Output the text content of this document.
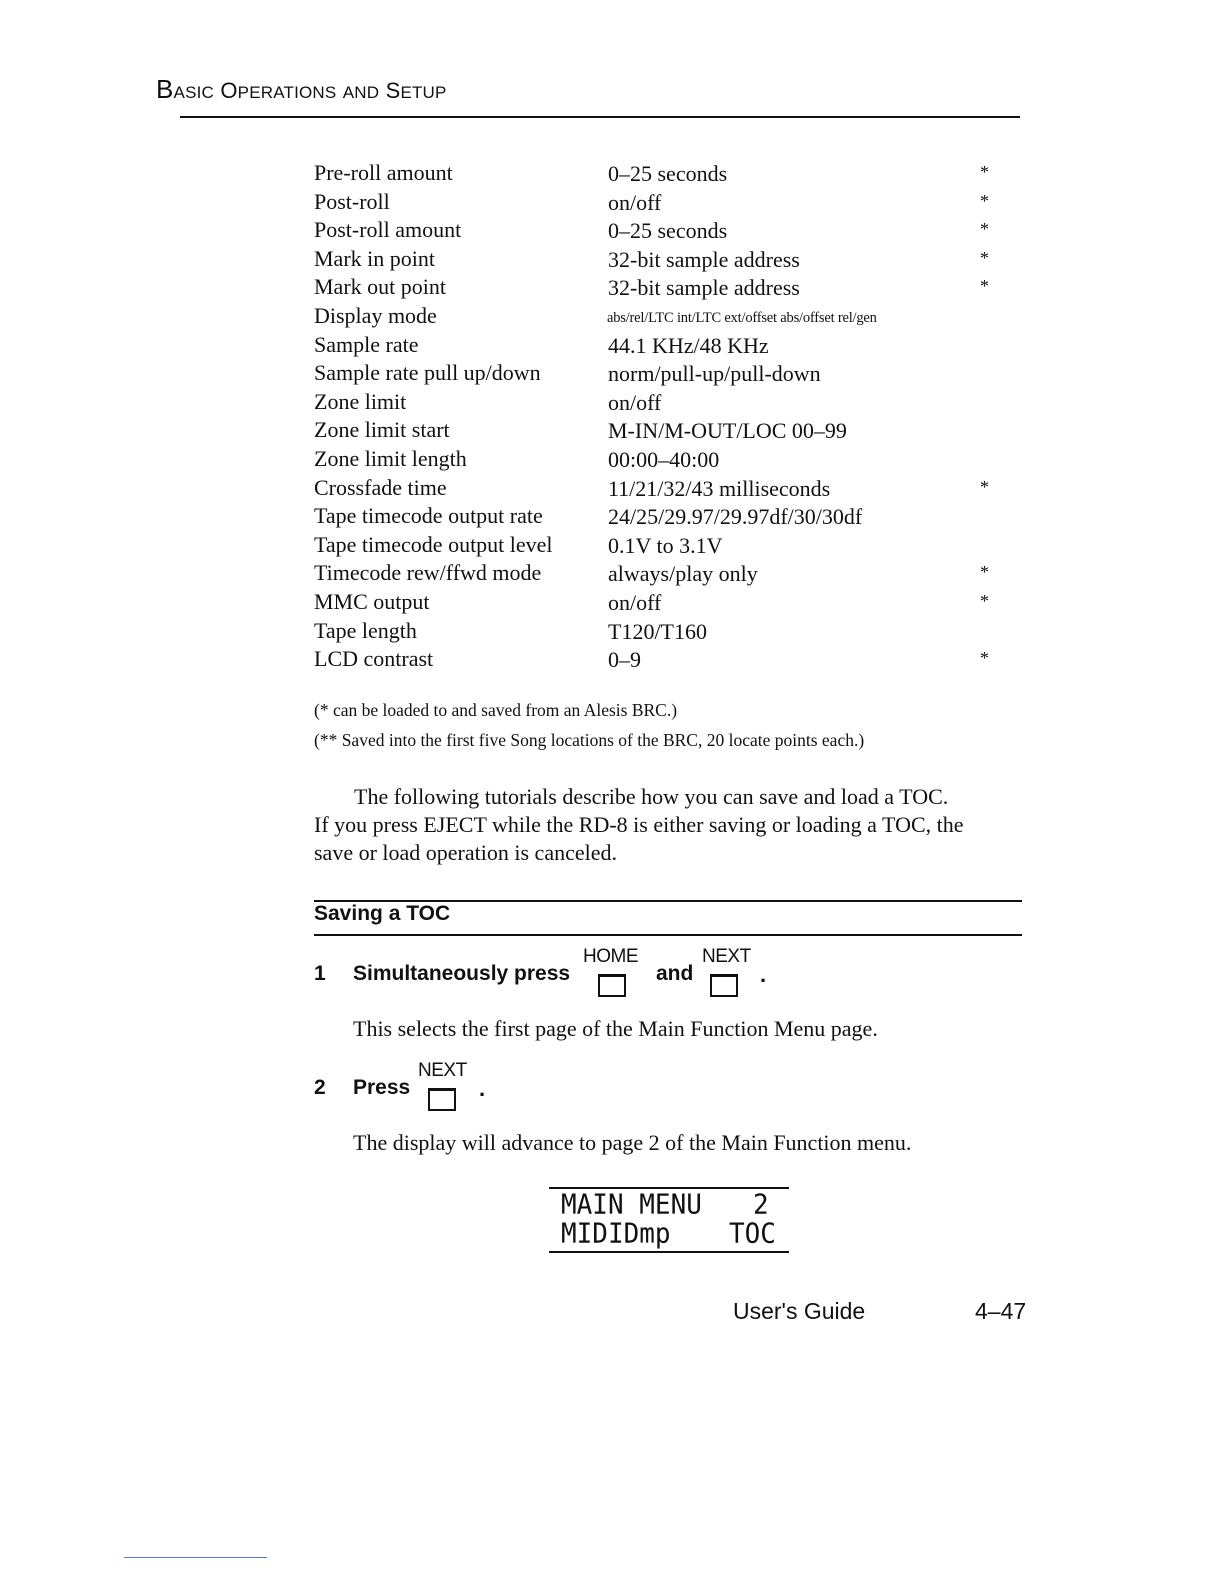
BASIC OPERATIONS AND SETUP
Pre-roll amount	0–25 seconds	*
Post-roll	on/off	*
Post-roll amount	0–25 seconds	*
Mark in point	32-bit sample address	*
Mark out point	32-bit sample address	*
Display mode	abs/rel/LTC int/LTC ext/offset abs/offset rel/gen
Sample rate	44.1 KHz/48 KHz
Sample rate pull up/down	norm/pull-up/pull-down
Zone limit	on/off
Zone limit start	M-IN/M-OUT/LOC 00–99
Zone limit length	00:00–40:00
Crossfade time	11/21/32/43 milliseconds	*
Tape timecode output rate	24/25/29.97/29.97df/30/30df
Tape timecode output level	0.1V to 3.1V
Timecode rew/ffwd mode	always/play only	*
MMC output	on/off	*
Tape length	T120/T160
LCD contrast	0–9	*
(* can be loaded to and saved from an Alesis BRC.)
(** Saved into the first five Song locations of the BRC, 20 locate points each.)
The following tutorials describe how you can save and load a TOC.
If you press EJECT while the RD-8 is either saving or loading a TOC, the
save or load operation is canceled.
Saving a TOC
1 Simultaneously press
HOME
and
NEXT
.
This selects the first page of the Main Function Menu page.
2 Press
NEXT
.
The display will advance to page 2 of the Main Function menu.
MAIN MENU 2
MIDIDmp TOC
User's Guide	4–47
